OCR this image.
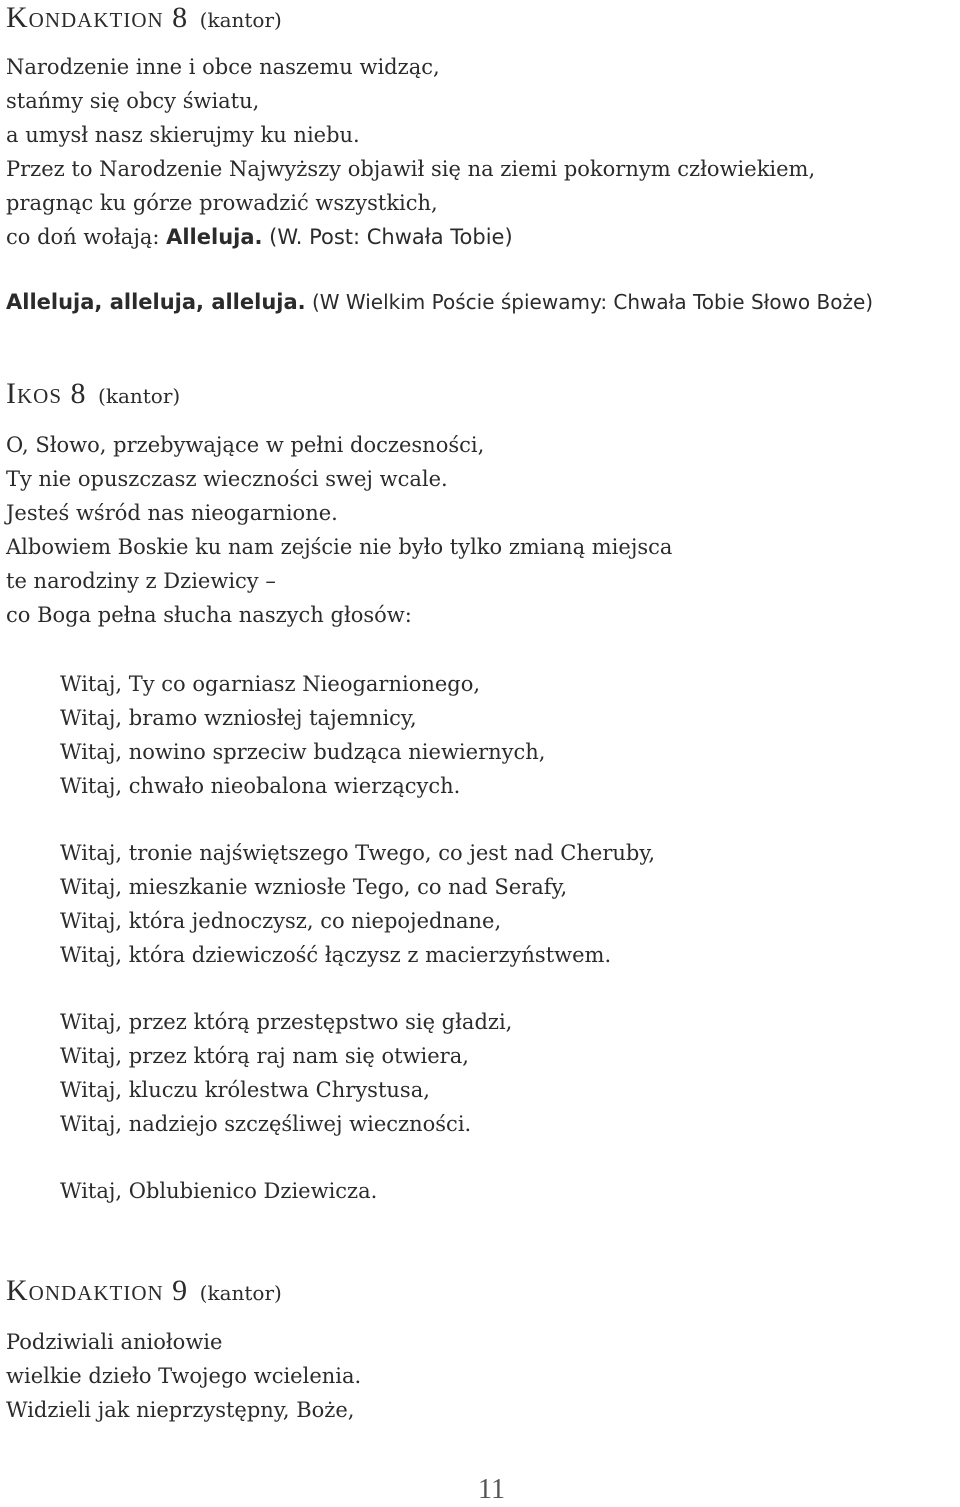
Kondaktion 8 (kantor)
Narodzenie inne i obce naszemu widząc,
stańmy się obcy światu,
a umysł nasz skierujmy ku niebu.
Przez to Narodzenie Najwyższy objawił się na ziemi pokornym człowiekiem,
pragnąc ku górze prowadzić wszystkich,
co doń wołają: Alleluja. (W. Post: Chwała Tobie)
Alleluja, alleluja, alleluja. (W Wielkim Poście śpiewamy: Chwała Tobie Słowo Boże)
Ikos 8 (kantor)
O, Słowo, przebywające w pełni doczesności,
Ty nie opuszczasz wieczności swej wcale.
Jesteś wśród nas nieogarnione.
Albowiem Boskie ku nam zejście nie było tylko zmianą miejsca
te narodziny z Dziewicy –
co Boga pełna słucha naszych głosów:
Witaj, Ty co ogarniasz Nieogarnionego,
Witaj, bramo wzniosłej tajemnicy,
Witaj, nowino sprzeciw budząca niewiernych,
Witaj, chwało nieobalona wierzących.
Witaj, tronie najświętszego Twego, co jest nad Cheruby,
Witaj, mieszkanie wzniosłe Tego, co nad Serafy,
Witaj, która jednoczysz, co niepojednane,
Witaj, która dziewiczość łączysz z macierzyństwem.
Witaj, przez którą przestępstwo się gładzi,
Witaj, przez którą raj nam się otwiera,
Witaj, kluczu królestwa Chrystusa,
Witaj, nadziejo szczęśliwej wieczności.
Witaj, Oblubienico Dziewicza.
Kondaktion 9 (kantor)
Podziwiali aniołowie
wielkie dzieło Twojego wcielenia.
Widzieli jak nieprzystępny, Boże,
11
